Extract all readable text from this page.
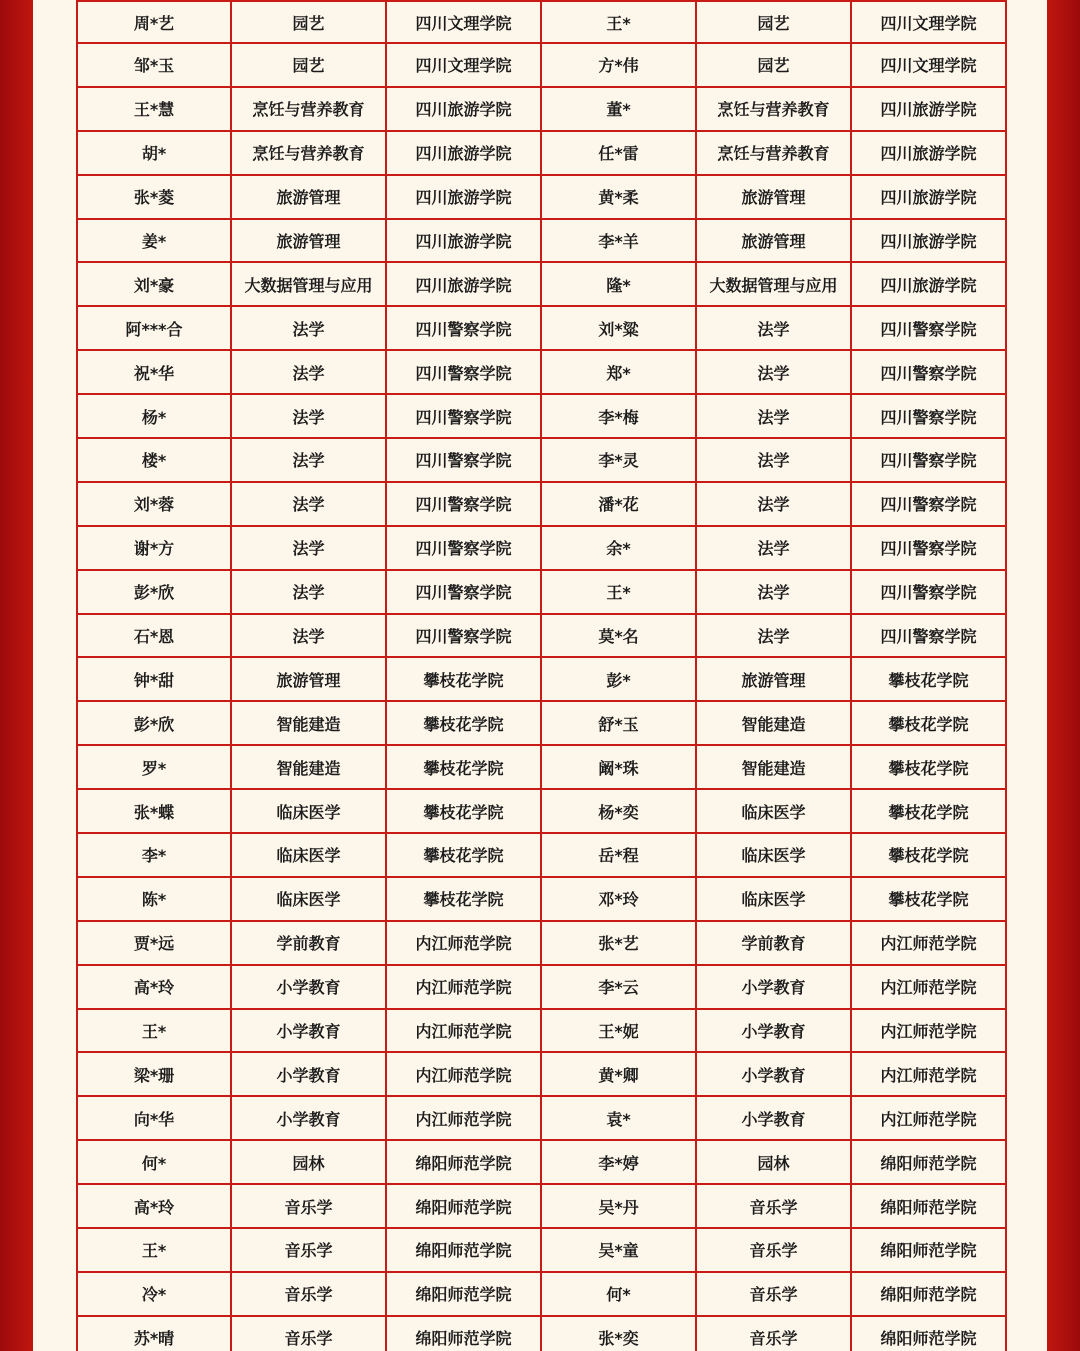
周*艺	园艺	四川文理学院	王*	园艺	四川文理学院
邹*玉	园艺	四川文理学院	方*伟	园艺	四川文理学院
王*慧	烹饪与营养教育	四川旅游学院	董*	烹饪与营养教育	四川旅游学院
胡*	烹饪与营养教育	四川旅游学院	任*雷	烹饪与营养教育	四川旅游学院
张*菱	旅游管理	四川旅游学院	黄*柔	旅游管理	四川旅游学院
姜*	旅游管理	四川旅游学院	李*羊	旅游管理	四川旅游学院
刘*豪	大数据管理与应用	四川旅游学院	隆*	大数据管理与应用	四川旅游学院
阿***合	法学	四川警察学院	刘*粱	法学	四川警察学院
祝*华	法学	四川警察学院	郑*	法学	四川警察学院
杨*	法学	四川警察学院	李*梅	法学	四川警察学院
楼*	法学	四川警察学院	李*灵	法学	四川警察学院
刘*蓉	法学	四川警察学院	潘*花	法学	四川警察学院
谢*方	法学	四川警察学院	余*	法学	四川警察学院
彭*欣	法学	四川警察学院	王*	法学	四川警察学院
石*恩	法学	四川警察学院	莫*名	法学	四川警察学院
钟*甜	旅游管理	攀枝花学院	彭*	旅游管理	攀枝花学院
彭*欣	智能建造	攀枝花学院	舒*玉	智能建造	攀枝花学院
罗*	智能建造	攀枝花学院	阚*珠	智能建造	攀枝花学院
张*蝶	临床医学	攀枝花学院	杨*奕	临床医学	攀枝花学院
李*	临床医学	攀枝花学院	岳*程	临床医学	攀枝花学院
陈*	临床医学	攀枝花学院	邓*玲	临床医学	攀枝花学院
贾*远	学前教育	内江师范学院	张*艺	学前教育	内江师范学院
高*玲	小学教育	内江师范学院	李*云	小学教育	内江师范学院
王*	小学教育	内江师范学院	王*妮	小学教育	内江师范学院
梁*珊	小学教育	内江师范学院	黄*卿	小学教育	内江师范学院
向*华	小学教育	内江师范学院	袁*	小学教育	内江师范学院
何*	园林	绵阳师范学院	李*婷	园林	绵阳师范学院
高*玲	音乐学	绵阳师范学院	吴*丹	音乐学	绵阳师范学院
王*	音乐学	绵阳师范学院	吴*童	音乐学	绵阳师范学院
冷*	音乐学	绵阳师范学院	何*	音乐学	绵阳师范学院
苏*晴	音乐学	绵阳师范学院	张*奕	音乐学	绵阳师范学院
